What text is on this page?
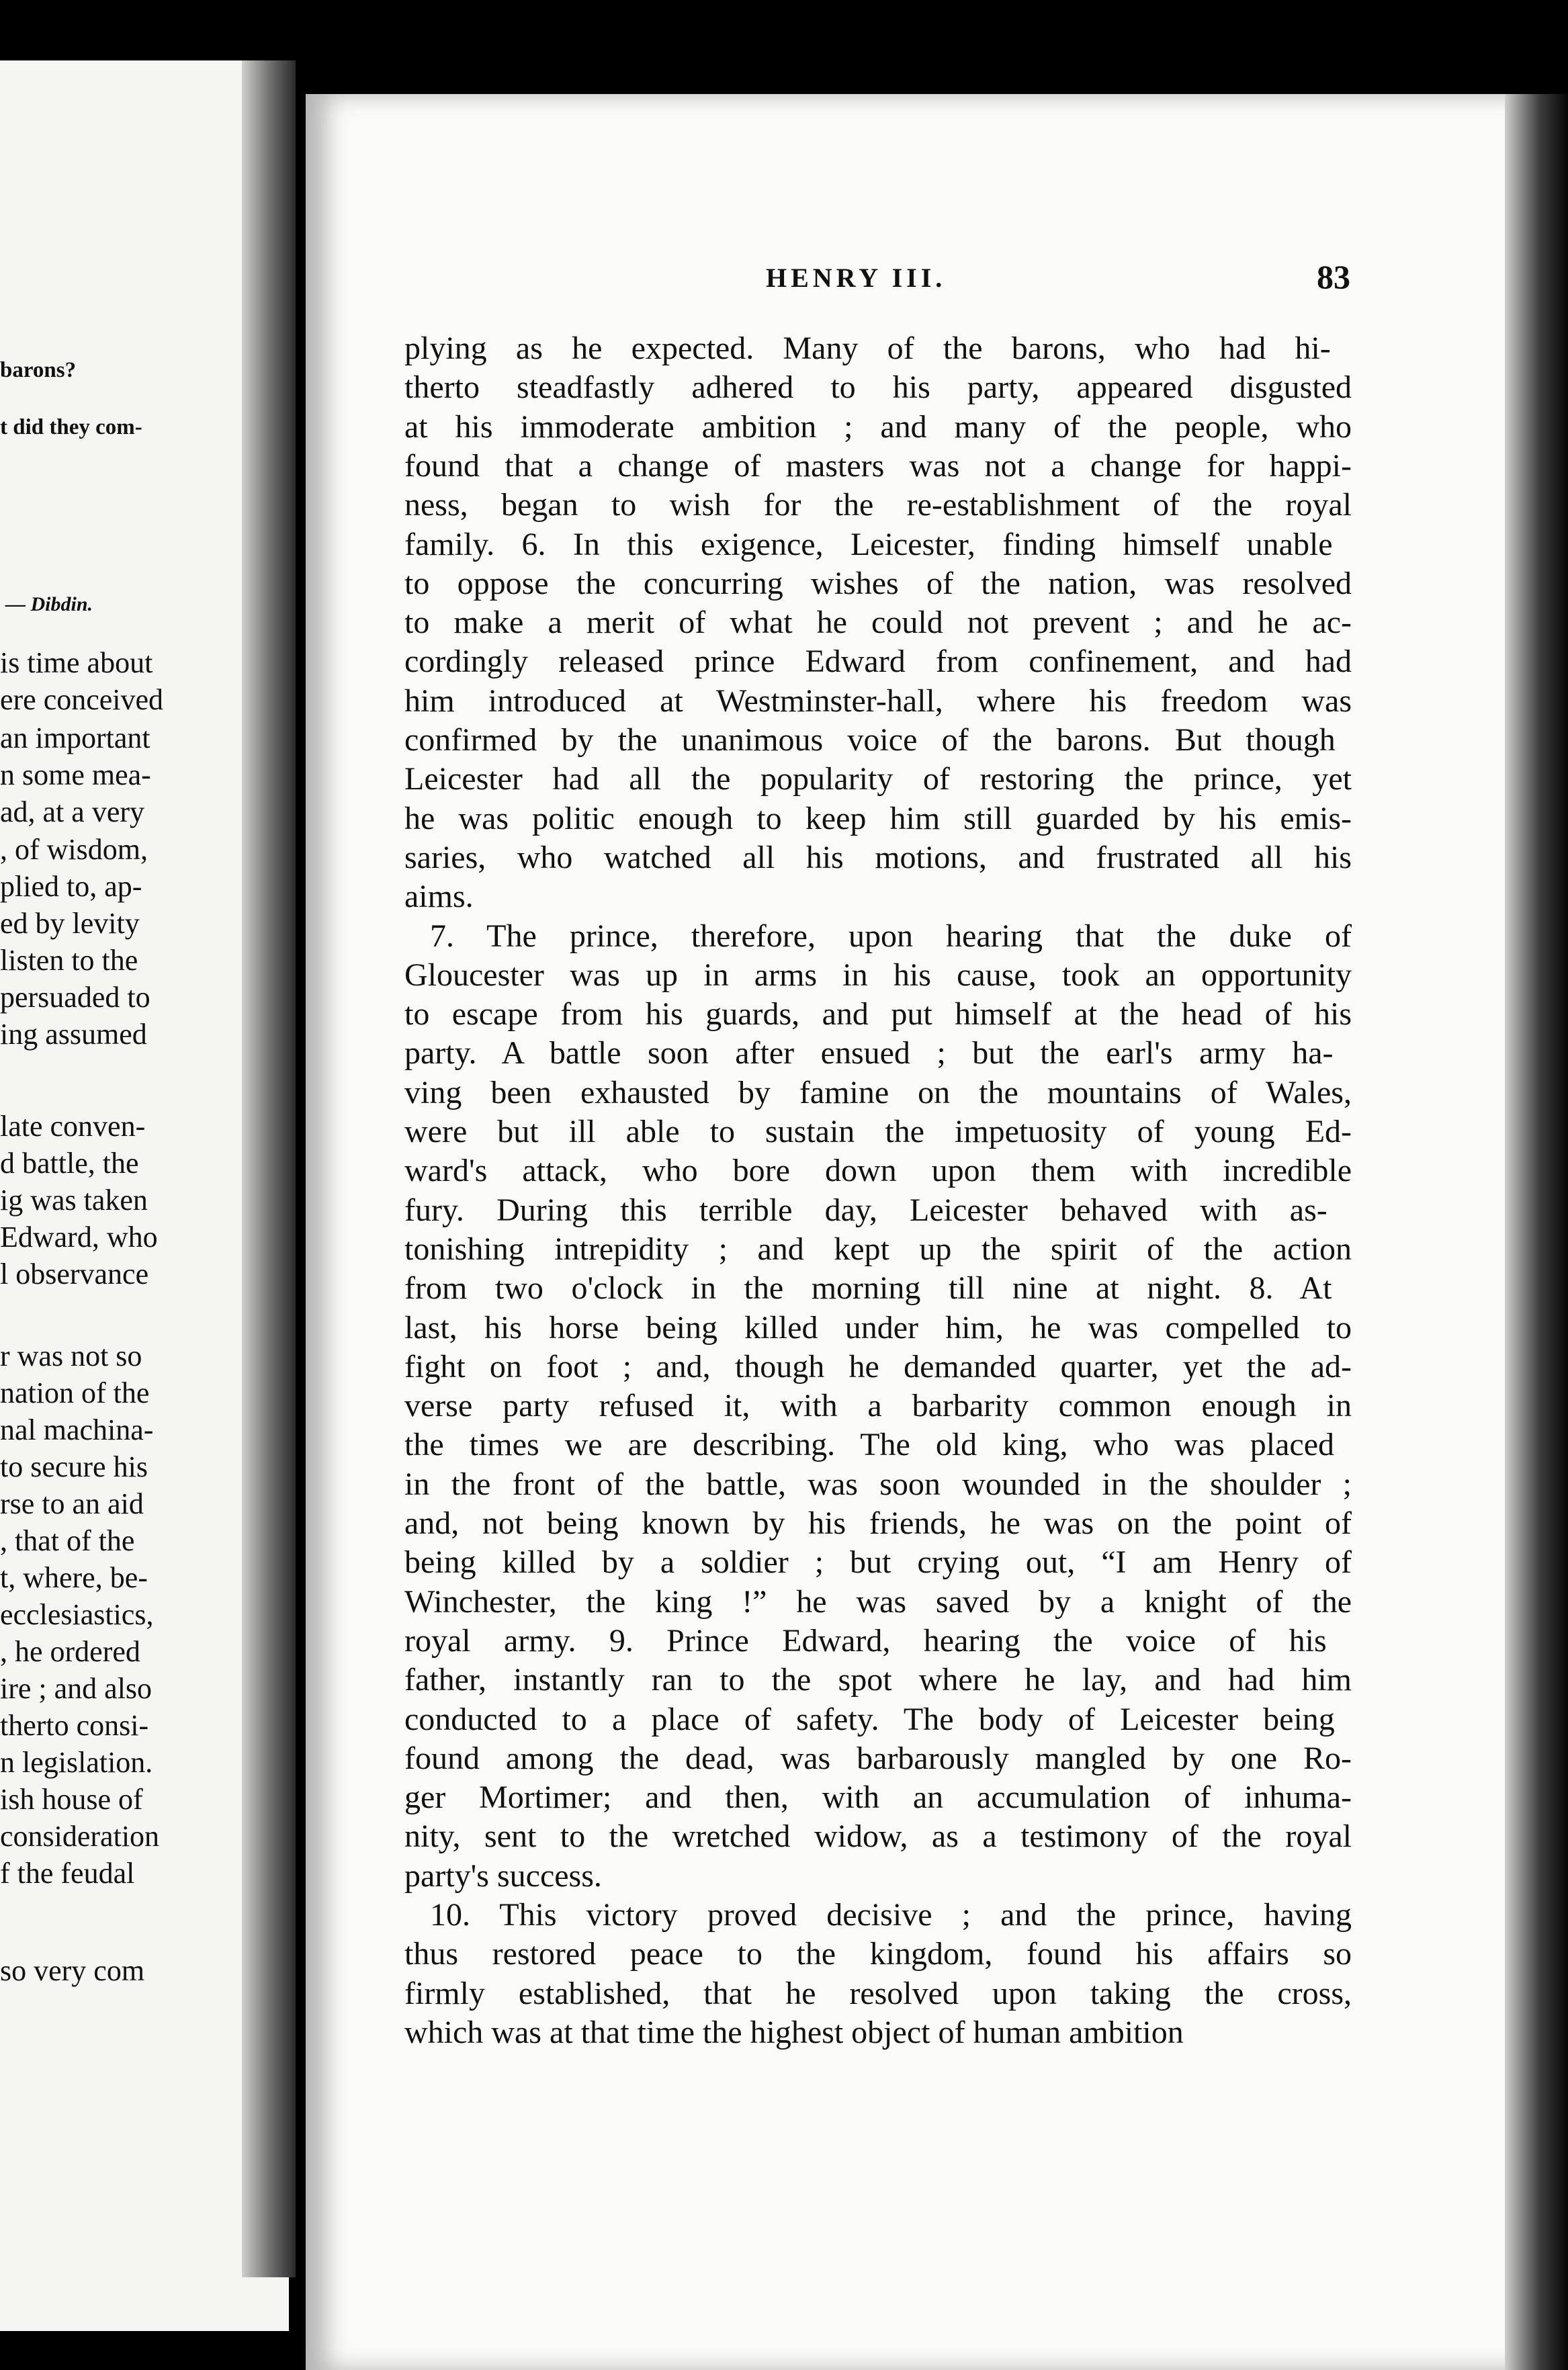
barons?
t did they com-
— Dibdin.
is time about
ere conceived
an important
n some mea-
ad, at a very
, of wisdom,
plied to, ap-
ed by levity
listen to the
persuaded to
ing assumed
late conven-
d battle, the
ig was taken
Edward, who
l observance
r was not so
nation of the
nal machina-
to secure his
rse to an aid
, that of the
t, where, be-
ecclesiastics,
, he ordered
ire ; and also
therto consi-
n legislation.
ish house of
consideration
f the feudal
so very com
HENRY III.	83
plying as he expected. Many of the barons, who had hi-
therto steadfastly adhered to his party, appeared disgusted
at his immoderate ambition ; and many of the people, who
found that a change of masters was not a change for happi-
ness, began to wish for the re-establishment of the royal
family. 6. In this exigence, Leicester, finding himself unable
to oppose the concurring wishes of the nation, was resolved
to make a merit of what he could not prevent ; and he ac-
cordingly released prince Edward from confinement, and had
him introduced at Westminster-hall, where his freedom was
confirmed by the unanimous voice of the barons. But though
Leicester had all the popularity of restoring the prince, yet
he was politic enough to keep him still guarded by his emis-
saries, who watched all his motions, and frustrated all his
aims.
7. The prince, therefore, upon hearing that the duke of
Gloucester was up in arms in his cause, took an opportunity
to escape from his guards, and put himself at the head of his
party. A battle soon after ensued ; but the earl's army ha-
ving been exhausted by famine on the mountains of Wales,
were but ill able to sustain the impetuosity of young Ed-
ward's attack, who bore down upon them with incredible
fury. During this terrible day, Leicester behaved with as-
tonishing intrepidity ; and kept up the spirit of the action
from two o'clock in the morning till nine at night. 8. At
last, his horse being killed under him, he was compelled to
fight on foot ; and, though he demanded quarter, yet the ad-
verse party refused it, with a barbarity common enough in
the times we are describing. The old king, who was placed
in the front of the battle, was soon wounded in the shoulder ;
and, not being known by his friends, he was on the point of
being killed by a soldier ; but crying out, “I am Henry of
Winchester, the king !” he was saved by a knight of the
royal army. 9. Prince Edward, hearing the voice of his
father, instantly ran to the spot where he lay, and had him
conducted to a place of safety. The body of Leicester being
found among the dead, was barbarously mangled by one Ro-
ger Mortimer; and then, with an accumulation of inhuma-
nity, sent to the wretched widow, as a testimony of the royal
party's success.
10. This victory proved decisive ; and the prince, having
thus restored peace to the kingdom, found his affairs so
firmly established, that he resolved upon taking the cross,
which was at that time the highest object of human ambition
